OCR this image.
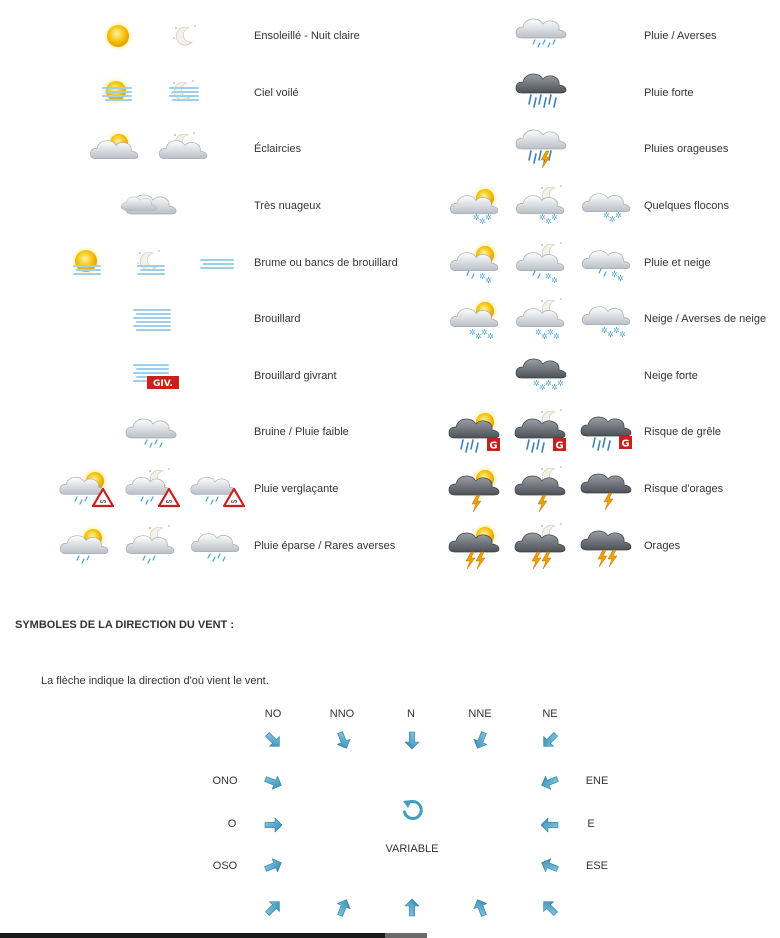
Ensoleillé - Nuit claire
Ciel voilé
Éclaircies
Très nuageux
Brume ou bancs de brouillard
Brouillard
Brouillard givrant
Bruine / Pluie faible
Pluie verglaçante
Pluie éparse / Rares averses
Pluie / Averses
Pluie forte
Pluies orageuses
Quelques flocons
Pluie et neige
Neige / Averses de neige
Neige forte
Risque de grêle
Risque d'orages
Orages
GIV.
ᔕ	ᔕ	ᔕ
✲ ✲ ✲	✲ ✲ ✲	✲ ✲ ✲
✲ ✲	✲ ✲
✲ ✲
✲ ✲ ✲ ✲	✲ ✲ ✲ ✲
✲ ✲ ✲ ✲
✲ ✲ ✲ ✲ ✲
G	G	G
SYMBOLES DE LA DIRECTION DU VENT :
La flèche indique la direction d'où vient le vent.
NO	NNO	N	NNE	NE
ONO
O
OSO
ENE
E
ESE
VARIABLE
